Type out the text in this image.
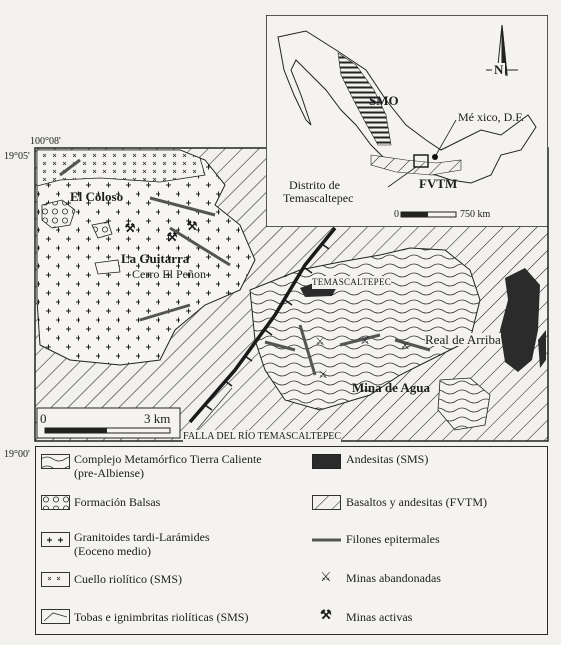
⚒
⚒
⚒
⚔	⚔	⚔
⚔
100°08'
19°05'
19°00'
El Coloso
La Guitarra
Cerro El Peñon
TEMASCALTEPEC
Real de Arriba
Mina de Agua
FALLA DEL RÍO TEMASCALTEPEC
0	3 km
SMO
N
Mé xico, D.F.
FVTM
Distrito de
Temascaltepec
0	750 km
Complejo Metamórfico Tierra Caliente
(pre-Albiense)
Formación Balsas
Granitoides tardi-Larámides
(Eoceno medio)
Cuello riolítico (SMS)
Tobas e ignimbritas riolíticas (SMS)
Andesitas (SMS)
Basaltos y andesitas (FVTM)
Filones epitermales
⚔ Minas abandonadas
⚒ Minas activas
